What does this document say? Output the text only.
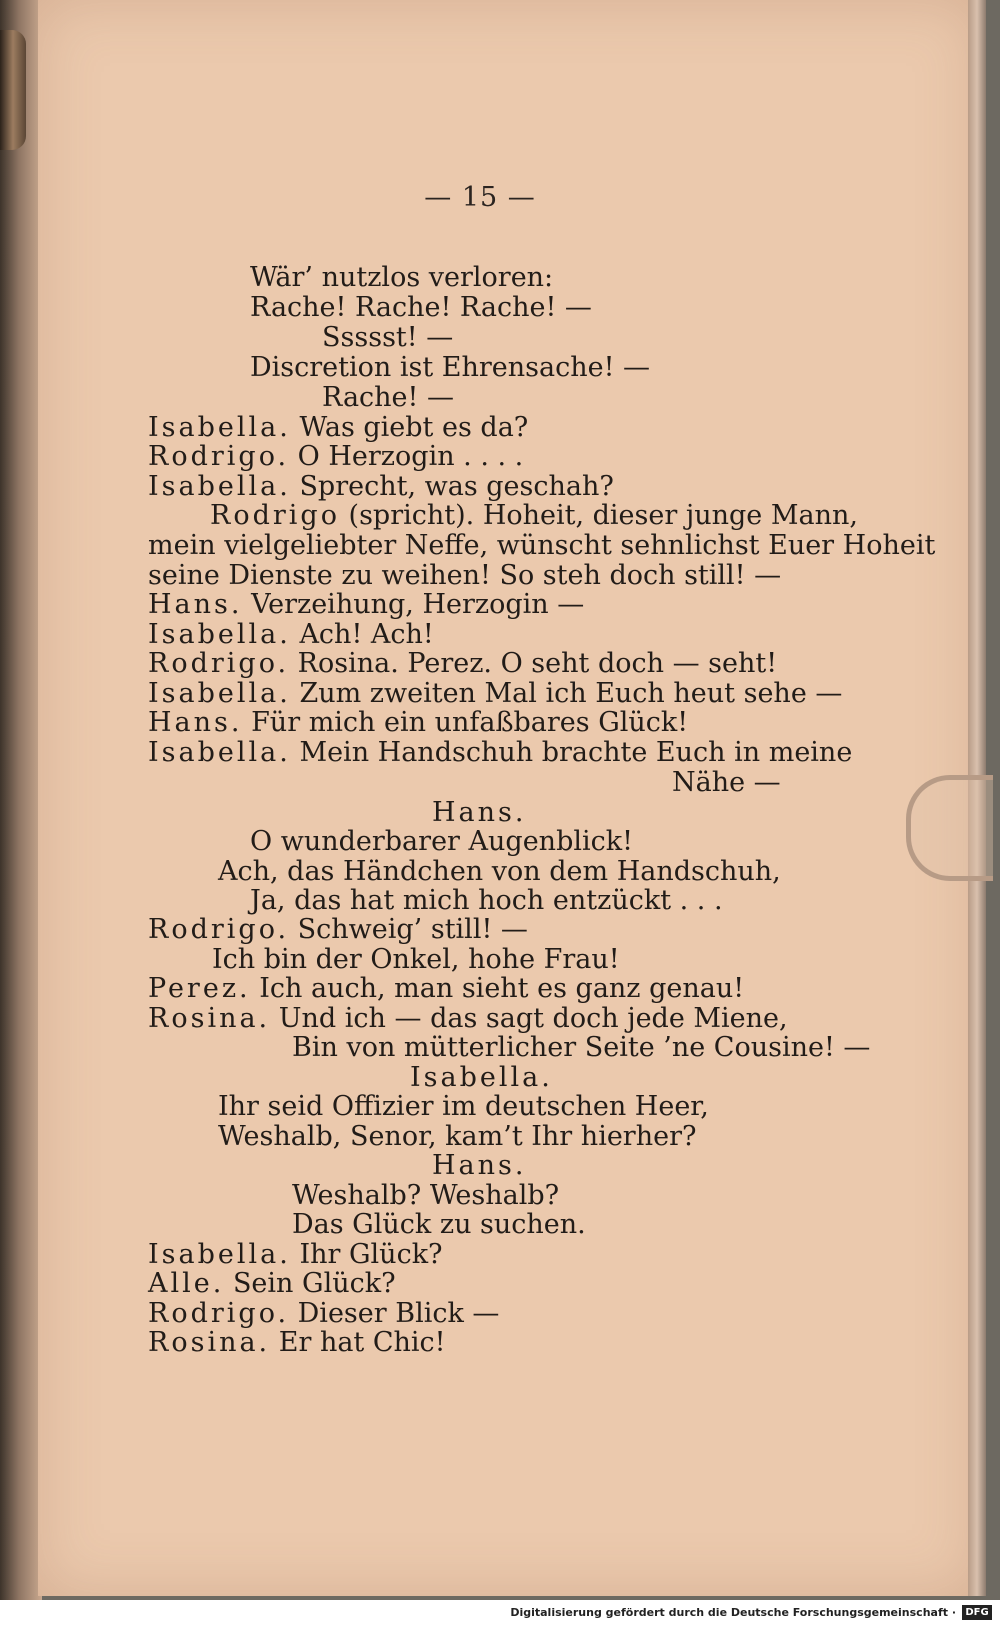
— 15 —
Wär’ nutzlos verloren:
Rache! Rache! Rache! —
Ssssst! —
Discretion ist Ehrensache! —
Rache! —
Isabella. Was giebt es da?
Rodrigo. O Herzogin . . . .
Isabella. Sprecht, was geschah?
Rodrigo (spricht). Hoheit, dieser junge Mann,
mein vielgeliebter Neffe, wünscht sehnlichst Euer Hoheit
seine Dienste zu weihen! So steh doch still! —
Hans. Verzeihung, Herzogin —
Isabella. Ach! Ach!
Rodrigo. Rosina. Perez. O seht doch — seht!
Isabella. Zum zweiten Mal ich Euch heut sehe —
Hans. Für mich ein unfaßbares Glück!
Isabella. Mein Handschuh brachte Euch in meine
Nähe —
Hans.
O wunderbarer Augenblick!
Ach, das Händchen von dem Handschuh,
Ja, das hat mich hoch entzückt . . .
Rodrigo. Schweig’ still! —
Ich bin der Onkel, hohe Frau!
Perez. Ich auch, man sieht es ganz genau!
Rosina. Und ich — das sagt doch jede Miene,
Bin von mütterlicher Seite ’ne Cousine! —
Isabella.
Ihr seid Offizier im deutschen Heer,
Weshalb, Senor, kam’t Ihr hierher?
Hans.
Weshalb? Weshalb?
Das Glück zu suchen.
Isabella. Ihr Glück?
Alle. Sein Glück?
Rodrigo. Dieser Blick —
Rosina. Er hat Chic!
Digitalisierung gefördert durch die Deutsche Forschungsgemeinschaft · DFG
